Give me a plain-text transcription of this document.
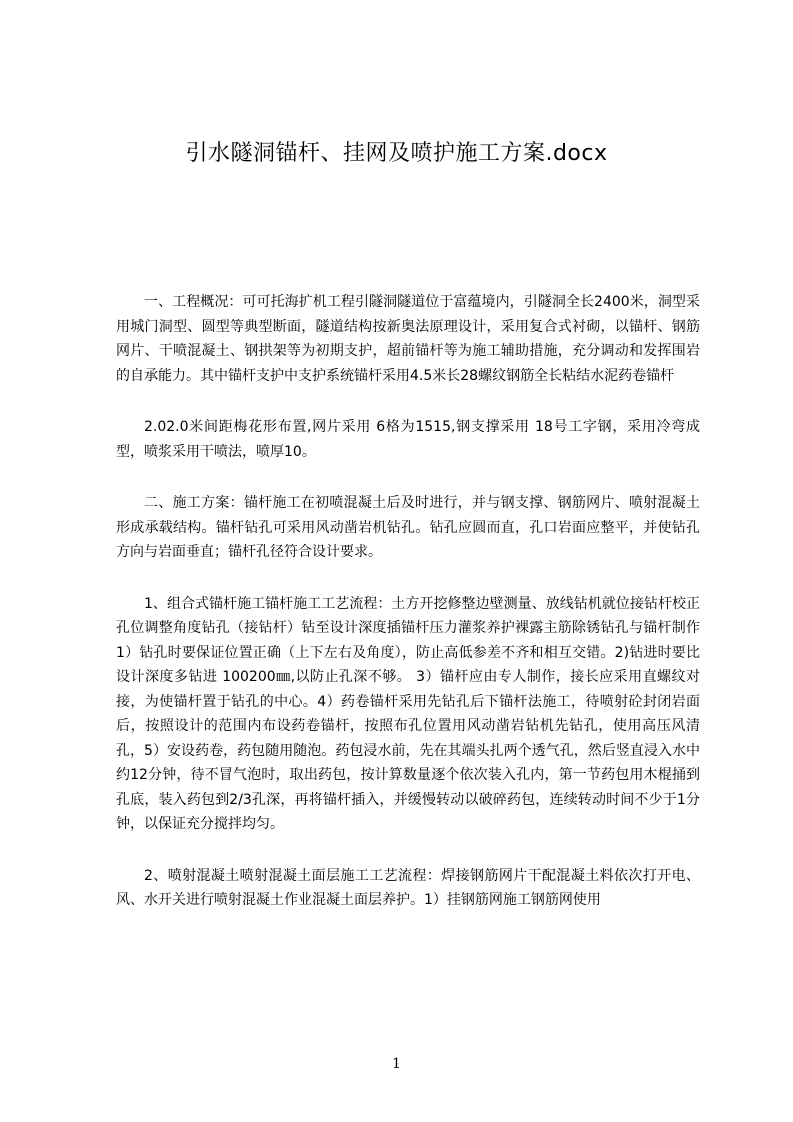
引水隧洞锚杆、挂网及喷护施工方案.docx

一、工程概况：可可托海扩机工程引隧洞隧道位于富蕴境内，引隧洞全长2400米，洞型采用城门洞型、圆型等典型断面，隧道结构按新奥法原理设计，采用复合式衬砌，以锚杆、钢筋网片、干喷混凝土、钢拱架等为初期支护，超前锚杆等为施工辅助措施，充分调动和发挥围岩的自承能力。其中锚杆支护中支护系统锚杆采用4.5米长28螺纹钢筋全长粘结水泥药卷锚杆

2.02.0米间距梅花形布置,网片采用 6格为1515,钢支撑采用 18号工字钢，采用冷弯成型，喷浆采用干喷法，喷厚10。

二、施工方案：锚杆施工在初喷混凝土后及时进行，并与钢支撑、钢筋网片、喷射混凝土形成承载结构。锚杆钻孔可采用风动凿岩机钻孔。钻孔应圆而直，孔口岩面应整平，并使钻孔方向与岩面垂直；锚杆孔径符合设计要求。

1、组合式锚杆施工锚杆施工工艺流程：土方开挖修整边壁测量、放线钻机就位接钻杆校正孔位调整角度钻孔（接钻杆）钻至设计深度插锚杆压力灌浆养护裸露主筋除锈钻孔与锚杆制作 1）钻孔时要保证位置正确（上下左右及角度），防止高低参差不齐和相互交错。2)钻进时要比设计深度多钻进 100200㎜,以防止孔深不够。 3）锚杆应由专人制作，接长应采用直螺纹对接，为使锚杆置于钻孔的中心。4）药卷锚杆采用先钻孔后下锚杆法施工，待喷射砼封闭岩面后，按照设计的范围内布设药卷锚杆，按照布孔位置用风动凿岩钻机先钻孔，使用高压风清孔，5）安设药卷，药包随用随泡。药包浸水前，先在其端头扎两个透气孔，然后竖直浸入水中约12分钟，待不冒气泡时，取出药包，按计算数量逐个依次装入孔内，第一节药包用木棍捅到孔底，装入药包到2/3孔深，再将锚杆插入，并缓慢转动以破碎药包，连续转动时间不少于1分钟，以保证充分搅拌均匀。

2、喷射混凝土喷射混凝土面层施工工艺流程：焊接钢筋网片干配混凝土料依次打开电、风、水开关进行喷射混凝土作业混凝土面层养护。1）挂钢筋网施工钢筋网使用

1
